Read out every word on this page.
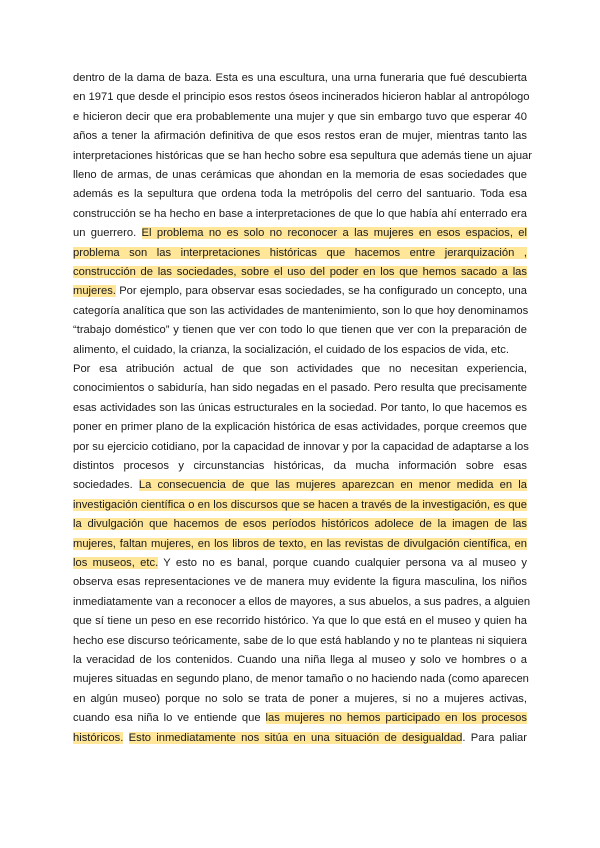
dentro de la dama de baza. Esta es una escultura, una urna funeraria que fué descubierta
en 1971 que desde el principio esos restos óseos incinerados hicieron hablar al antropólogo
e hicieron decir que era probablemente una mujer y que sin embargo tuvo que esperar 40
años a tener la afirmación definitiva de que esos restos eran de mujer, mientras tanto las
interpretaciones históricas que se han hecho sobre esa sepultura que además tiene un ajuar
lleno de armas, de unas cerámicas que ahondan en la memoria de esas sociedades que
además es la sepultura que ordena toda la metrópolis del cerro del santuario. Toda esa
construcción se ha hecho en base a interpretaciones de que lo que había ahí enterrado era
un guerrero. El problema no es solo no reconocer a las mujeres en esos espacios, el
problema son las interpretaciones históricas que hacemos entre jerarquización ,
construcción de las sociedades, sobre el uso del poder en los que hemos sacado a las
mujeres. Por ejemplo, para observar esas sociedades, se ha configurado un concepto, una
categoría analítica que son las actividades de mantenimiento, son lo que hoy denominamos
“trabajo doméstico” y tienen que ver con todo lo que tienen que ver con la preparación de
alimento, el cuidado, la crianza, la socialización, el cuidado de los espacios de vida, etc.
Por esa atribución actual de que son actividades que no necesitan experiencia,
conocimientos o sabiduría, han sido negadas en el pasado. Pero resulta que precisamente
esas actividades son las únicas estructurales en la sociedad. Por tanto, lo que hacemos es
poner en primer plano de la explicación histórica de esas actividades, porque creemos que
por su ejercicio cotidiano, por la capacidad de innovar y por la capacidad de adaptarse a los
distintos procesos y circunstancias históricas, da mucha información sobre esas
sociedades. La consecuencia de que las mujeres aparezcan en menor medida en la
investigación científica o en los discursos que se hacen a través de la investigación, es que
la divulgación que hacemos de esos períodos históricos adolece de la imagen de las
mujeres, faltan mujeres, en los libros de texto, en las revistas de divulgación científica, en
los museos, etc. Y esto no es banal, porque cuando cualquier persona va al museo y
observa esas representaciones ve de manera muy evidente la figura masculina, los niños
inmediatamente van a reconocer a ellos de mayores, a sus abuelos, a sus padres, a alguien
que sí tiene un peso en ese recorrido histórico. Ya que lo que está en el museo y quien ha
hecho ese discurso teóricamente, sabe de lo que está hablando y no te planteas ni siquiera
la veracidad de los contenidos. Cuando una niña llega al museo y solo ve hombres o a
mujeres situadas en segundo plano, de menor tamaño o no haciendo nada (como aparecen
en algún museo) porque no solo se trata de poner a mujeres, si no a mujeres activas,
cuando esa niña lo ve entiende que las mujeres no hemos participado en los procesos
históricos. Esto inmediatamente nos sitúa en una situación de desigualdad. Para paliar
